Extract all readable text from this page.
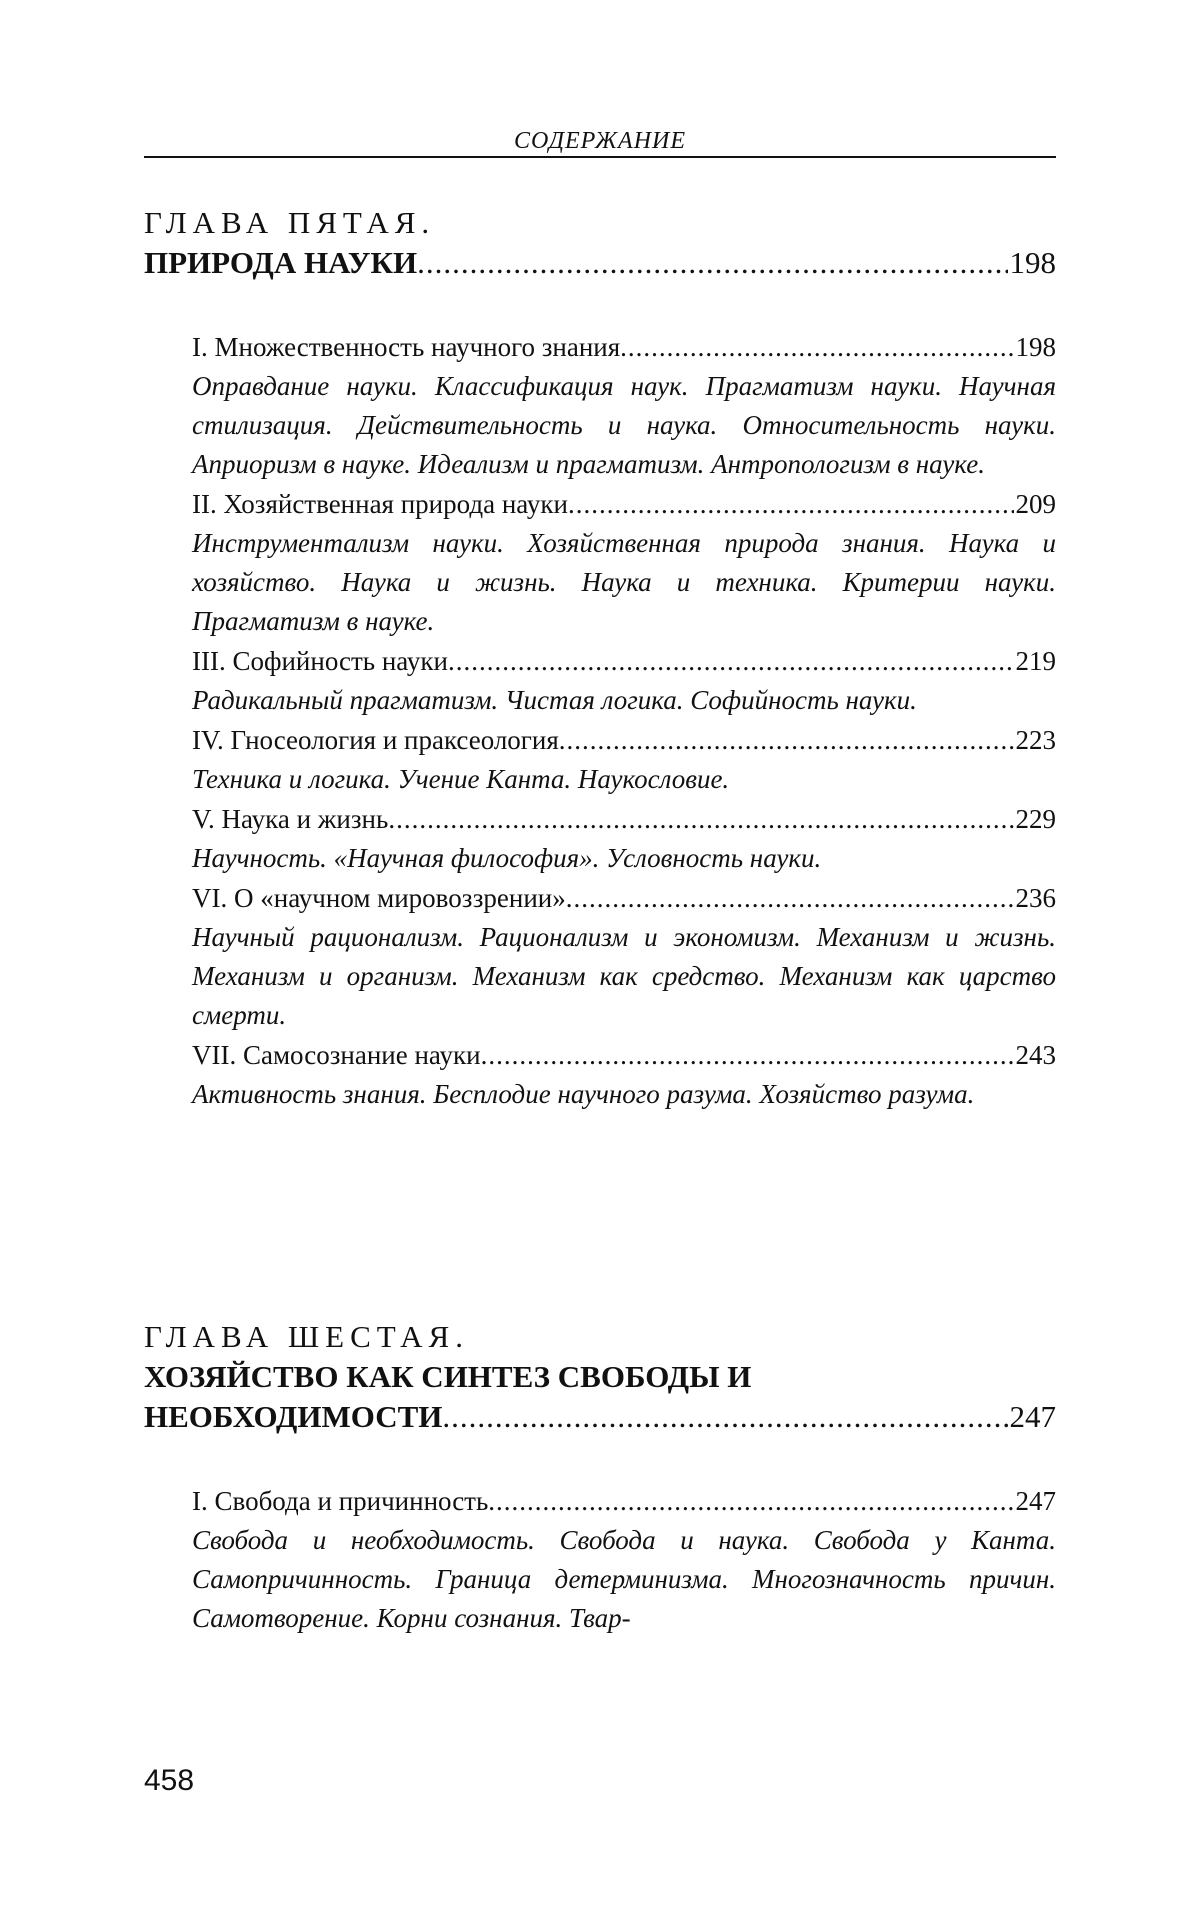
СОДЕРЖАНИЕ
ГЛАВА ПЯТАЯ.
ПРИРОДА НАУКИ .....	198
I. Множественность научного знания .....	198

Оправдание науки. Классификация наук. Прагматизм науки. Научная стилизация. Действительность и наука. Относительность науки. Априоризм в науке. Идеализм и прагматизм. Антропологизм в науке.

II. Хозяйственная природа науки .....	209

Инструментализм науки. Хозяйственная природа знания. Наука и хозяйство. Наука и жизнь. Наука и техника. Критерии науки. Прагматизм в науке.

III. Софийность науки .....	219

Радикальный прагматизм. Чистая логика. Софийность науки.

IV. Гносеология и праксеология .....	223

Техника и логика. Учение Канта. Наукословие.

V. Наука и жизнь .....	229

Научность. «Научная философия». Условность науки.

VI. О «научном мировоззрении» .....	236

Научный рационализм. Рационализм и экономизм. Механизм и жизнь. Механизм и организм. Механизм как средство. Механизм как царство смерти.

VII. Самосознание науки .....	243

Активность знания. Бесплодие научного разума. Хозяйство разума.

ГЛАВА ШЕСТАЯ.
ХОЗЯЙСТВО КАК СИНТЕЗ СВОБОДЫ И
НЕОБХОДИМОСТИ .....	247
I. Свобода и причинность .....	247

Свобода и необходимость. Свобода и наука. Свобода у Канта. Самопричинность. Граница детерминизма. Многозначность причин. Самотворение. Корни сознания. Твар-

458
